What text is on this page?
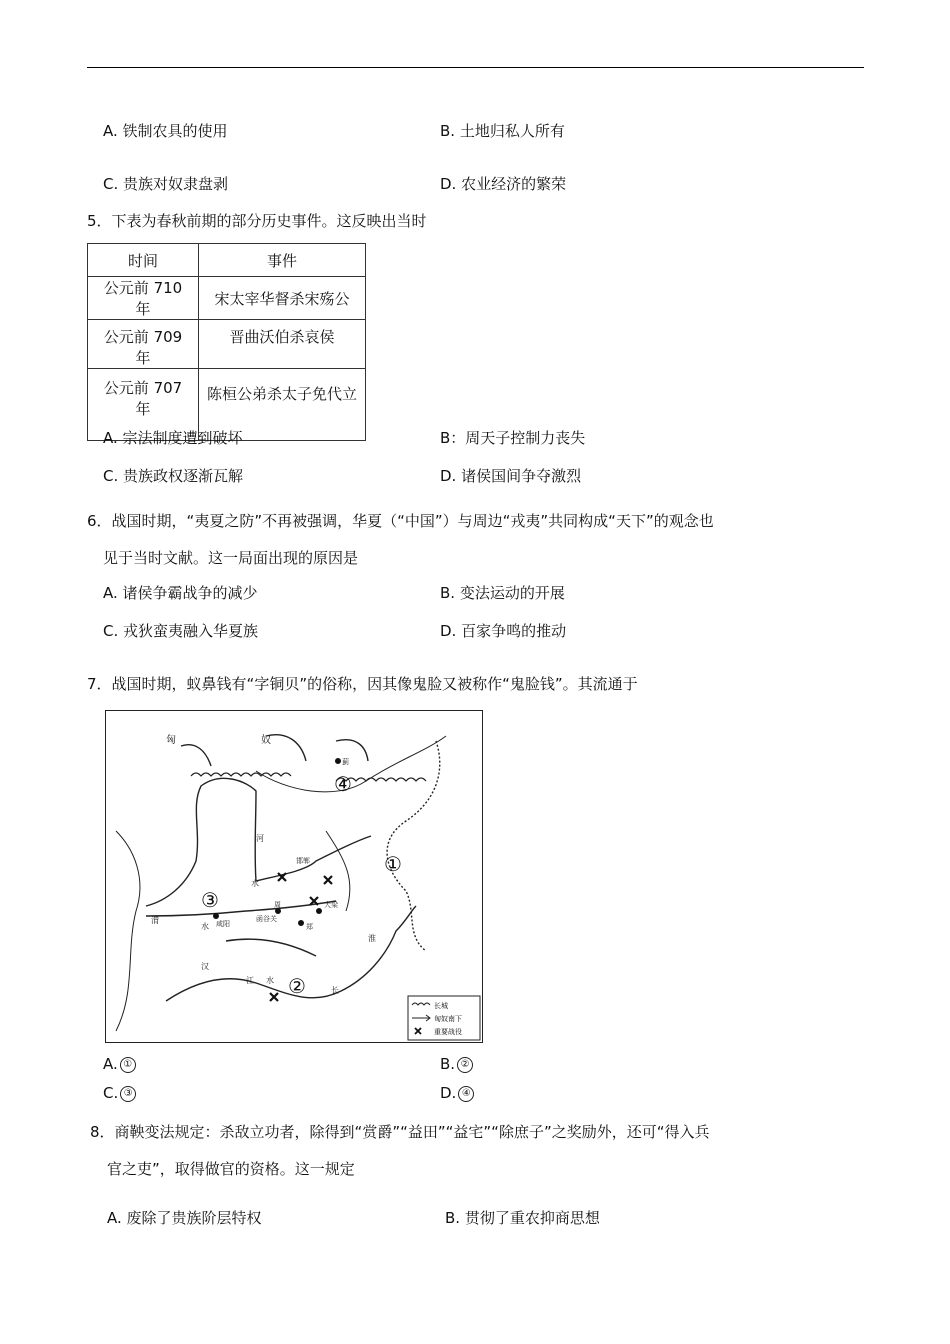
A. 铁制农具的使用	B. 土地归私人所有
C. 贵族对奴隶盘剥	D. 农业经济的繁荣
5．下表为春秋前期的部分历史事件。这反映出当时
时间	事件
公元前 710 年	宋太宰华督杀宋殇公
公元前 709 年	晋曲沃伯杀哀侯
公元前 707 年	陈桓公弟杀太子免代立
A. 宗法制度遭到破坏	B：周天子控制力丧失
C. 贵族政权逐渐瓦解	D. 诸侯国间争夺激烈
6．战国时期，“夷夏之防”不再被强调，华夏（“中国”）与周边“戎夷”共同构成“天下”的观念也
见于当时文献。这一局面出现的原因是
A. 诸侯争霸战争的减少	B. 变法运动的开展
C. 戎狄蛮夷融入华夏族	D. 百家争鸣的推动
7．战国时期，蚁鼻钱有“字铜贝”的俗称，因其像鬼脸又被称作“鬼脸钱”。其流通于
匈	奴
河
水
渭
水 咸阳
函谷关
周
邯郸
大梁
郑
蓟
汉
江 水
长
淮
①
②
③
④
长城
匈奴南下
重要战役
A. ①	B. ②
C. ③	D. ④
8．商鞅变法规定：杀敌立功者，除得到“赏爵”“益田”“益宅”“除庶子”之奖励外，还可“得入兵
官之吏”，取得做官的资格。这一规定
A. 废除了贵族阶层特权	B. 贯彻了重农抑商思想
